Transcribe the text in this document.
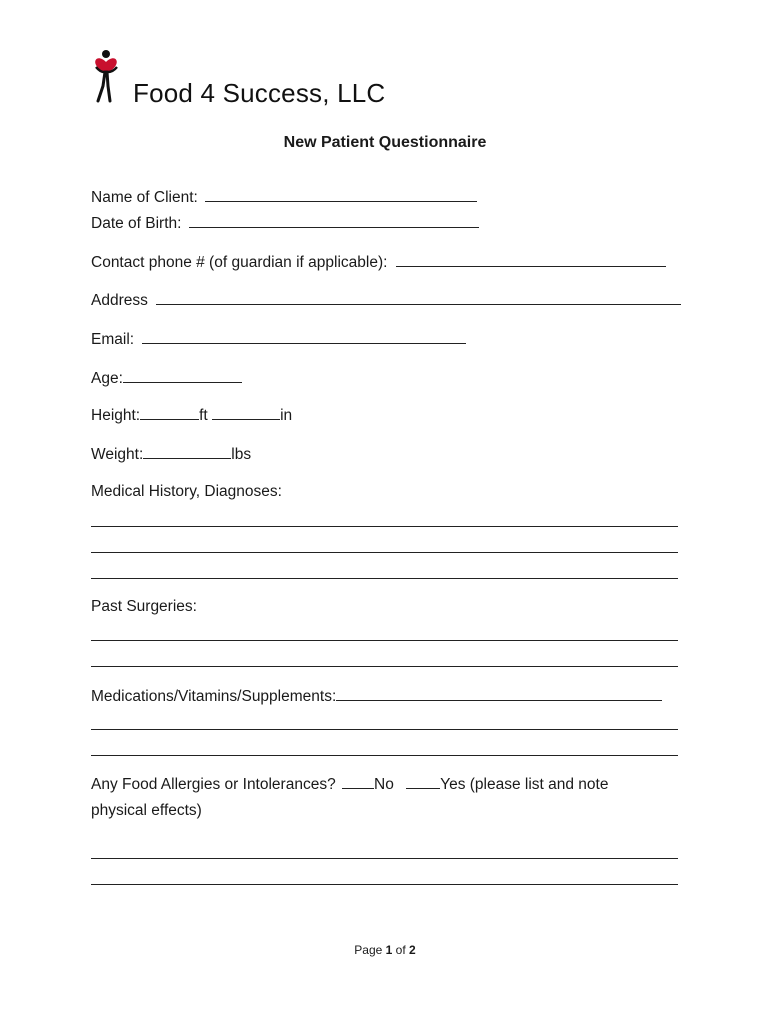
Food 4 Success, LLC
New Patient Questionnaire
Name of Client:
Date of Birth:
Contact phone # (of guardian if applicable):
Address
Email:
Age:
Height:	ft	in
Weight:	lbs
Medical History, Diagnoses:
Past Surgeries:
Medications/Vitamins/Supplements:
Any Food Allergies or Intolerances? No	Yes (please list and note
physical effects)
Page 1 of 2
